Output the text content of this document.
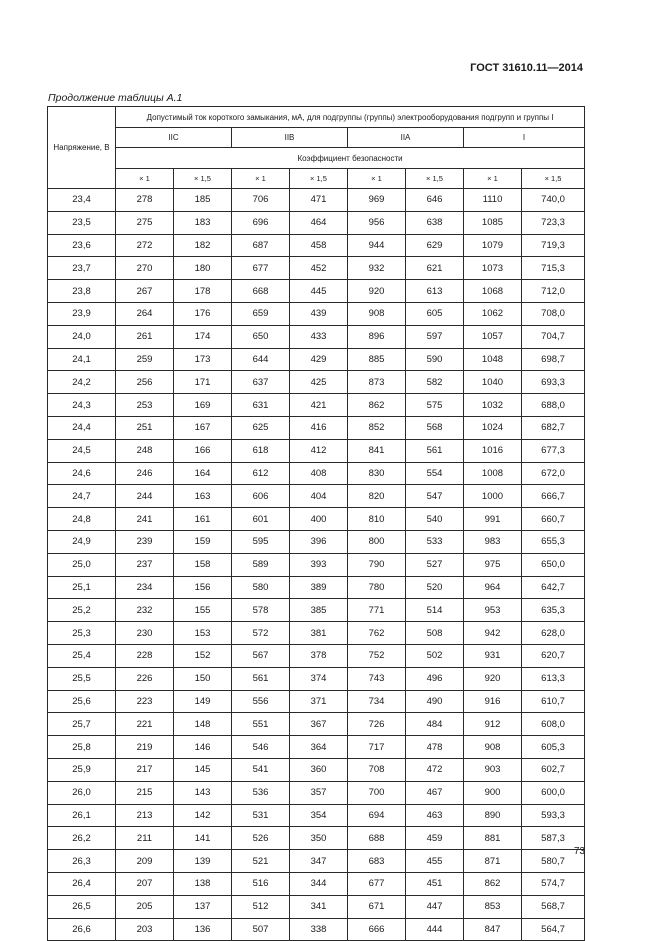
ГОСТ 31610.11—2014
Продолжение таблицы А.1
Напряжение, В	Допустимый ток короткого замыкания, мА, для подгруппы (группы) электрооборудования подгрупп и группы I							
	IIC		IIB		IIA		I	
	Коэффициент безопасности							
	× 1	× 1,5	× 1	× 1,5	× 1	× 1,5	× 1	× 1,5
23,4	278	185	706	471	969	646	1110	740,0
23,5	275	183	696	464	956	638	1085	723,3
23,6	272	182	687	458	944	629	1079	719,3
23,7	270	180	677	452	932	621	1073	715,3
23,8	267	178	668	445	920	613	1068	712,0
23,9	264	176	659	439	908	605	1062	708,0
24,0	261	174	650	433	896	597	1057	704,7
24,1	259	173	644	429	885	590	1048	698,7
24,2	256	171	637	425	873	582	1040	693,3
24,3	253	169	631	421	862	575	1032	688,0
24,4	251	167	625	416	852	568	1024	682,7
24,5	248	166	618	412	841	561	1016	677,3
24,6	246	164	612	408	830	554	1008	672,0
24,7	244	163	606	404	820	547	1000	666,7
24,8	241	161	601	400	810	540	991	660,7
24,9	239	159	595	396	800	533	983	655,3
25,0	237	158	589	393	790	527	975	650,0
25,1	234	156	580	389	780	520	964	642,7
25,2	232	155	578	385	771	514	953	635,3
25,3	230	153	572	381	762	508	942	628,0
25,4	228	152	567	378	752	502	931	620,7
25,5	226	150	561	374	743	496	920	613,3
25,6	223	149	556	371	734	490	916	610,7
25,7	221	148	551	367	726	484	912	608,0
25,8	219	146	546	364	717	478	908	605,3
25,9	217	145	541	360	708	472	903	602,7
26,0	215	143	536	357	700	467	900	600,0
26,1	213	142	531	354	694	463	890	593,3
26,2	211	141	526	350	688	459	881	587,3
26,3	209	139	521	347	683	455	871	580,7
26,4	207	138	516	344	677	451	862	574,7
26,5	205	137	512	341	671	447	853	568,7
26,6	203	136	507	338	666	444	847	564,7
73
